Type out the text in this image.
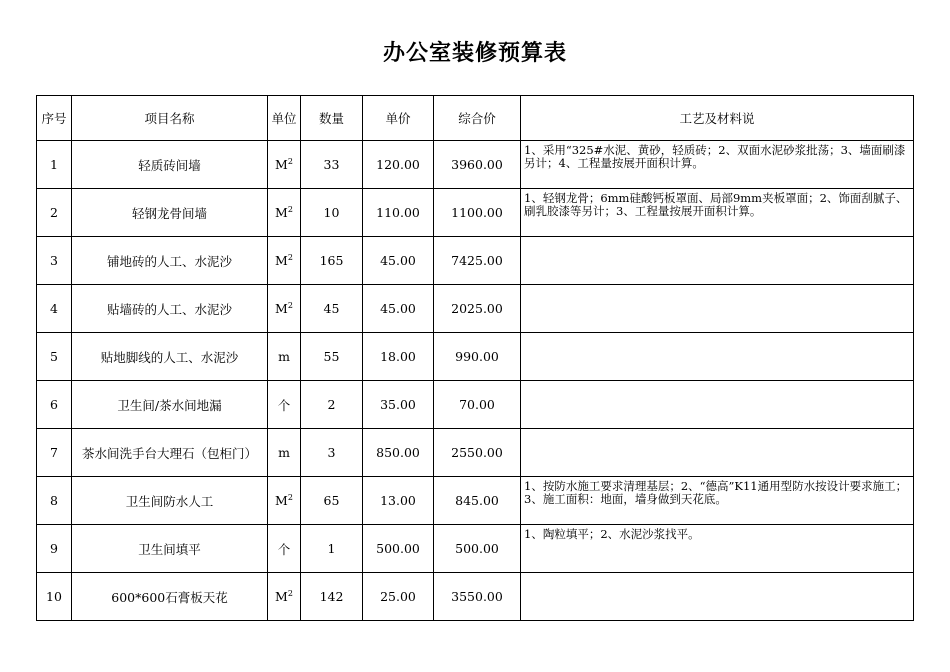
办公室装修预算表
序号	项目名称	单位	数量	单价	综合价	工艺及材料说
1	轻质砖间墙	$M^2$	33	120.00	3960.00	1、采用“325#水泥、黄砂，轻质砖；2、双面水泥砂浆批荡；3、墙面刷漆另计；4、工程量按展开面积计算。
2	轻钢龙骨间墙	$M^2$	10	110.00	1100.00	1、轻钢龙骨；6mm硅酸钙板罩面、局部9mm夹板罩面；2、饰面刮腻子、刷乳胶漆等另计；3、工程量按展开面积计算。
3	铺地砖的人工、水泥沙	$M^2$	165	45.00	7425.00	
4	贴墙砖的人工、水泥沙	$M^2$	45	45.00	2025.00	
5	贴地脚线的人工、水泥沙	m	55	18.00	990.00	
6	卫生间/茶水间地漏	个	2	35.00	70.00	
7	茶水间洗手台大理石（包柜门）	m	3	850.00	2550.00	
8	卫生间防水人工	$M^2$	65	13.00	845.00	1、按防水施工要求清理基层；2、“德高”K11通用型防水按设计要求施工；3、施工面积：地面，墙身做到天花底。
9	卫生间填平	个	1	500.00	500.00	1、陶粒填平；2、水泥沙浆找平。
10	600*600石膏板天花	$M^2$	142	25.00	3550.00	
